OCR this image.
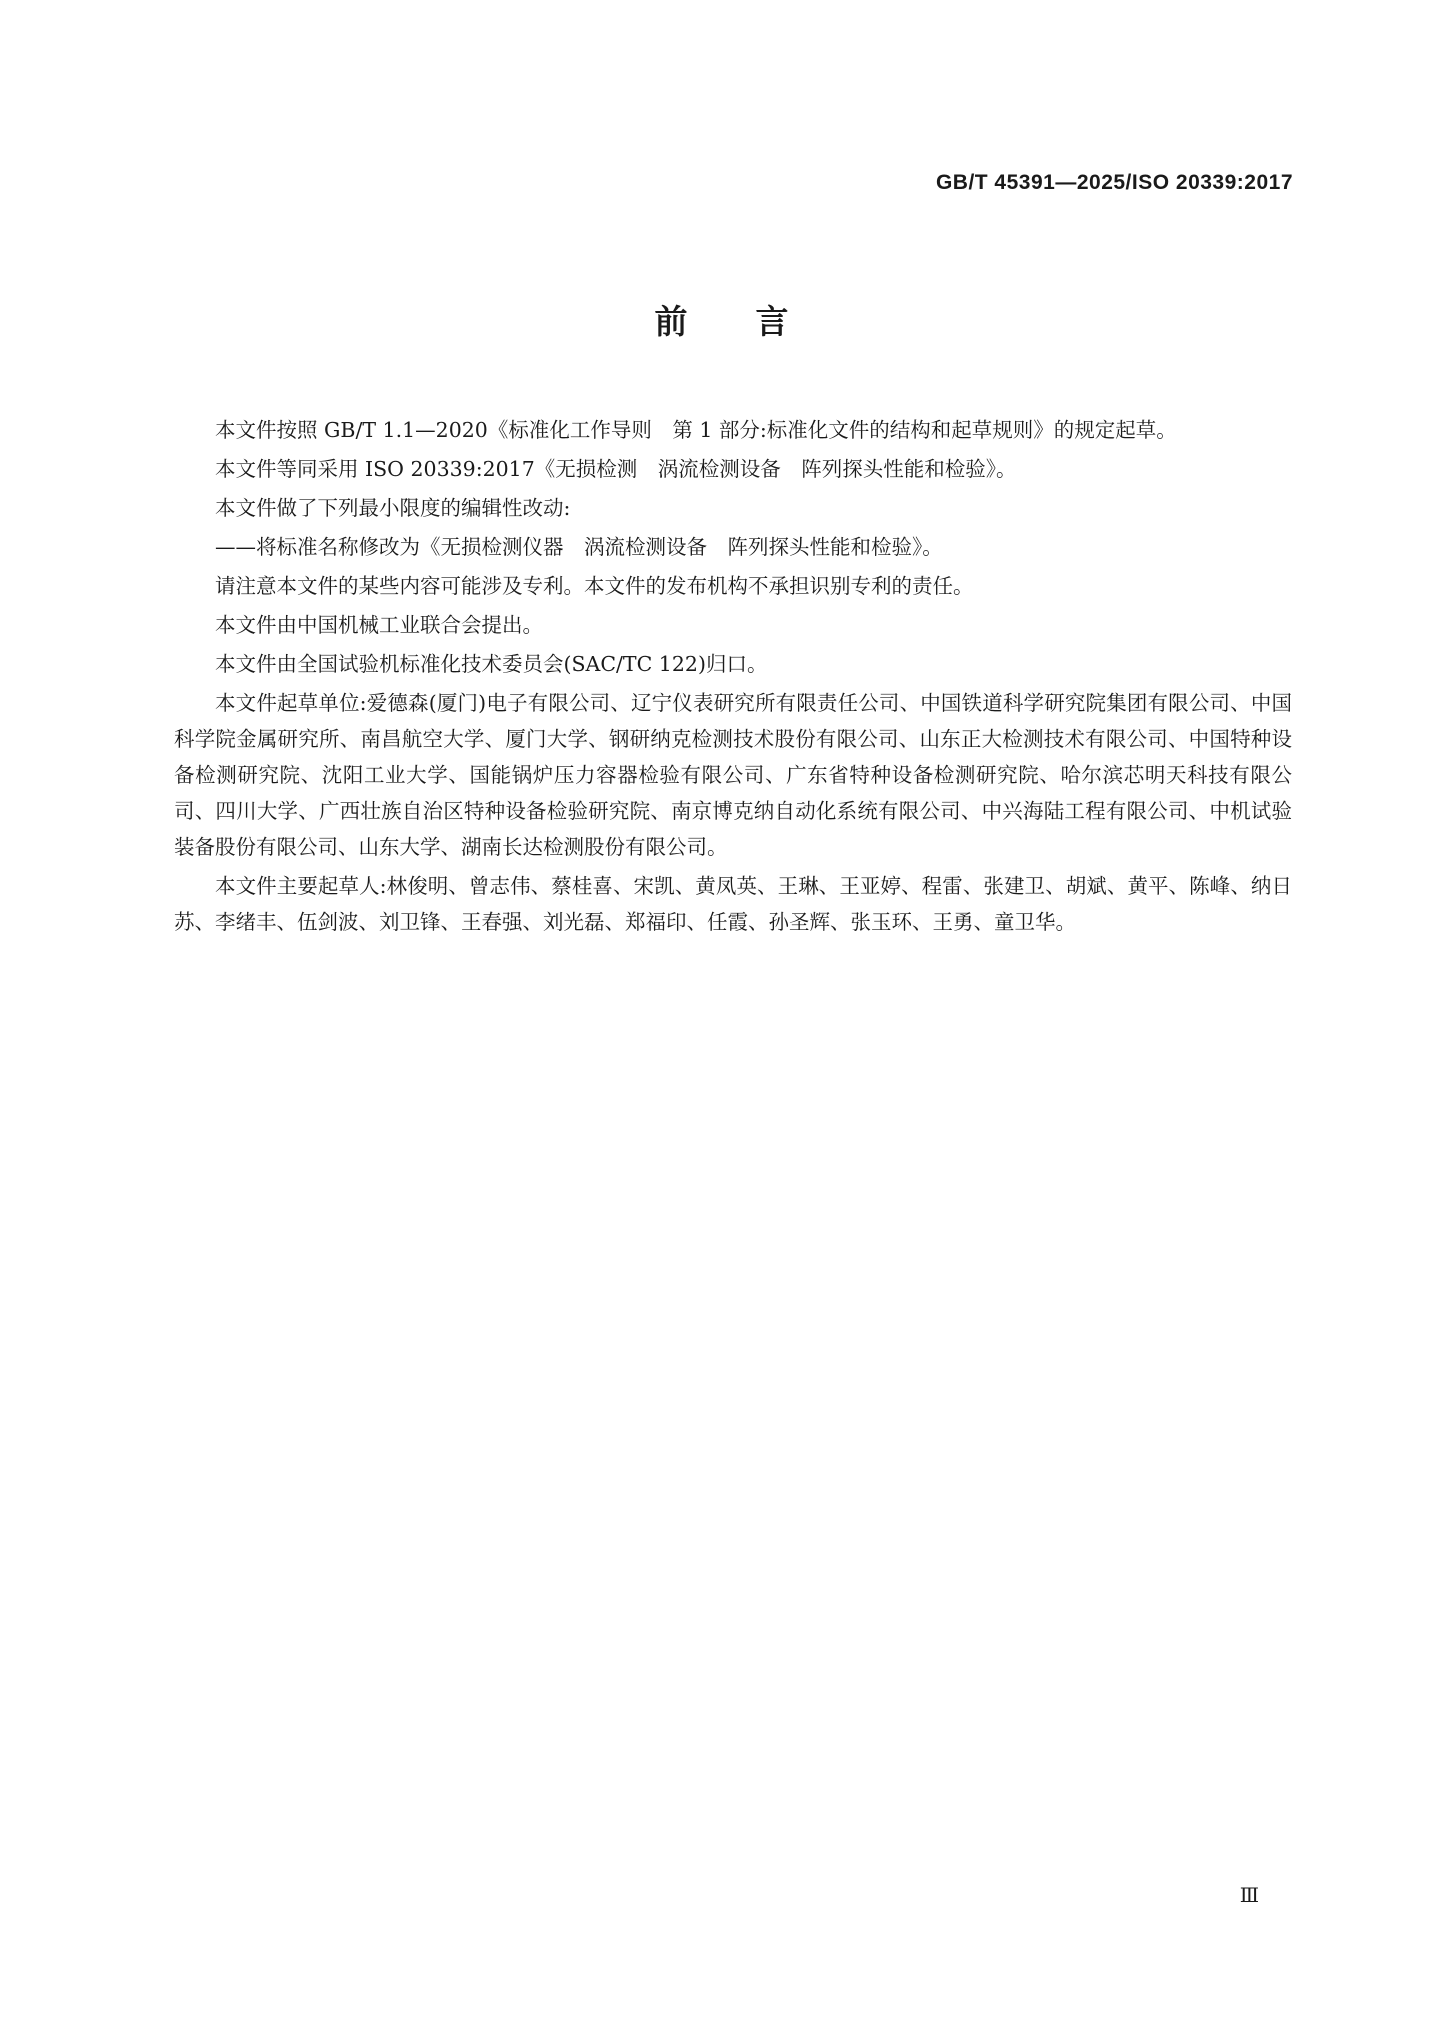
GB/T 45391—2025/ISO 20339:2017
前 言

本文件按照 GB/T 1.1—2020《标准化工作导则　第 1 部分:标准化文件的结构和起草规则》的规定起草。

本文件等同采用 ISO 20339:2017《无损检测　涡流检测设备　阵列探头性能和检验》。

本文件做了下列最小限度的编辑性改动:

——将标准名称修改为《无损检测仪器　涡流检测设备　阵列探头性能和检验》。

请注意本文件的某些内容可能涉及专利。本文件的发布机构不承担识别专利的责任。

本文件由中国机械工业联合会提出。

本文件由全国试验机标准化技术委员会(SAC/TC 122)归口。

本文件起草单位:爱德森(厦门)电子有限公司、辽宁仪表研究所有限责任公司、中国铁道科学研究院集团有限公司、中国科学院金属研究所、南昌航空大学、厦门大学、钢研纳克检测技术股份有限公司、山东正大检测技术有限公司、中国特种设备检测研究院、沈阳工业大学、国能锅炉压力容器检验有限公司、广东省特种设备检测研究院、哈尔滨芯明天科技有限公司、四川大学、广西壮族自治区特种设备检验研究院、南京博克纳自动化系统有限公司、中兴海陆工程有限公司、中机试验装备股份有限公司、山东大学、湖南长达检测股份有限公司。

本文件主要起草人:林俊明、曾志伟、蔡桂喜、宋凯、黄凤英、王琳、王亚婷、程雷、张建卫、胡斌、黄平、陈峰、纳日苏、李绪丰、伍剑波、刘卫锋、王春强、刘光磊、郑福印、任霞、孙圣辉、张玉环、王勇、童卫华。

Ⅲ
